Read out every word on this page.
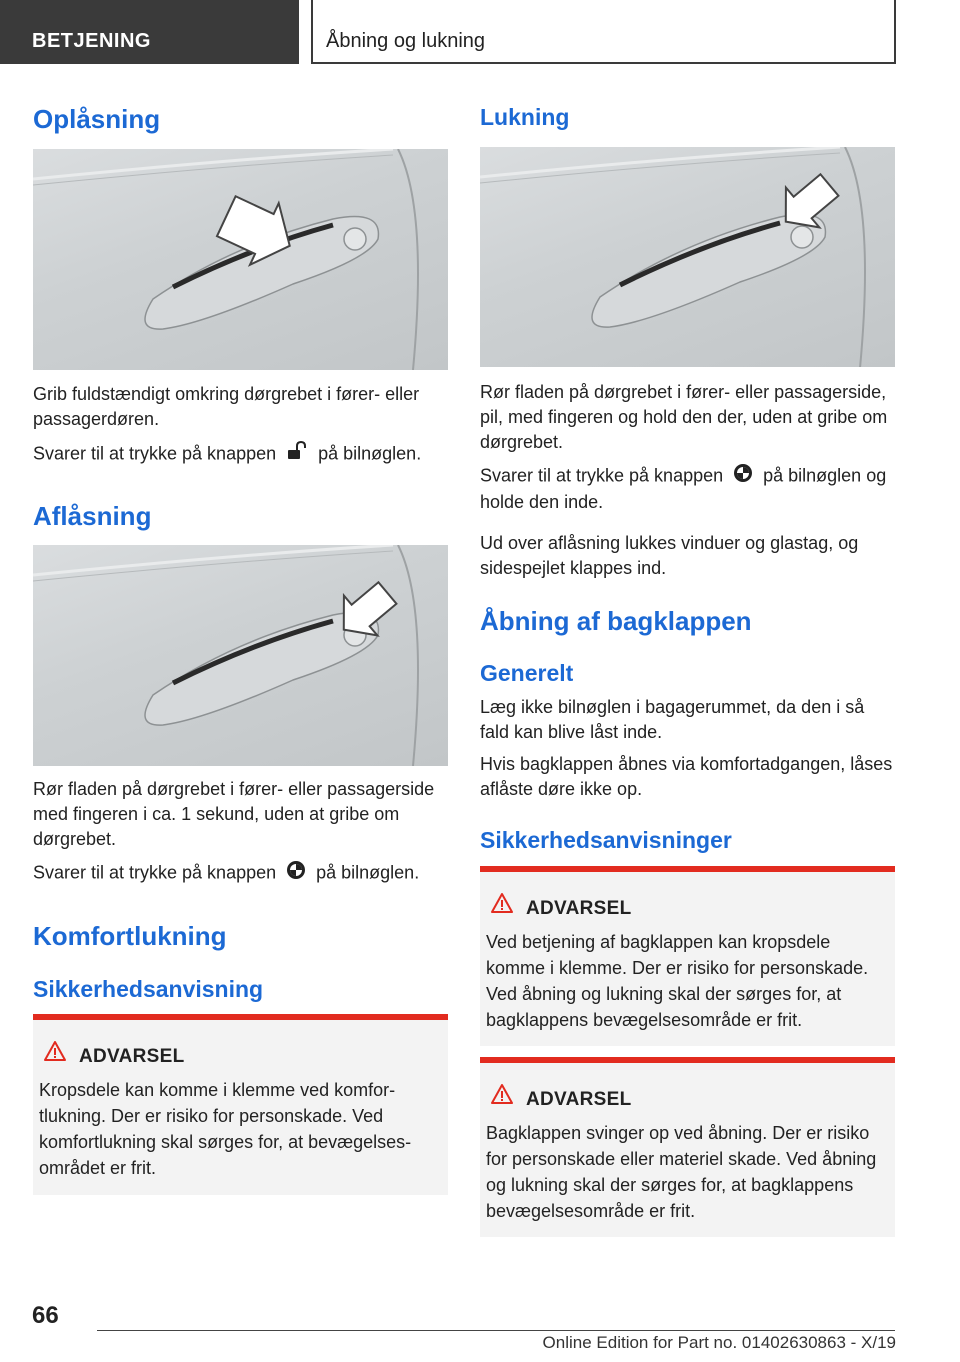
BETJENING	Åbning og lukning
Oplåsning
Grib fuldstændigt omkring dørgrebet i fører- eller passagerdøren.
Svarer til at trykke på knappen på bilnøglen.
Aflåsning
Rør fladen på dørgrebet i fører- eller passagerside med fingeren i ca. 1 sekund, uden at gribe om dørgrebet.
Svarer til at trykke på knappen på bilnøglen.
Komfortlukning
Sikkerhedsanvisning
ADVARSEL
Kropsdele kan komme i klemme ved komfortlukning. Der er risiko for personskade. Ved komfortlukning skal sørges for, at bevægelsesområdet er frit.
Lukning
Rør fladen på dørgrebet i fører- eller passagerside, pil, med fingeren og hold den der, uden at gribe om dørgrebet.
Svarer til at trykke på knappen på bilnøglen og holde den inde.
Ud over aflåsning lukkes vinduer og glastag, og sidespejlet klappes ind.
Åbning af bagklappen
Generelt
Læg ikke bilnøglen i bagagerummet, da den i så fald kan blive låst inde.
Hvis bagklappen åbnes via komfortadgangen, låses aflåste døre ikke op.
Sikkerhedsanvisninger
ADVARSEL
Ved betjening af bagklappen kan kropsdele komme i klemme. Der er risiko for personskade. Ved åbning og lukning skal der sørges for, at bagklappens bevægelsesområde er frit.
ADVARSEL
Bagklappen svinger op ved åbning. Der er risiko for personskade eller materiel skade. Ved åbning og lukning skal der sørges for, at bagklappens bevægelsesområde er frit.
66
Online Edition for Part no. 01402630863 - X/19
